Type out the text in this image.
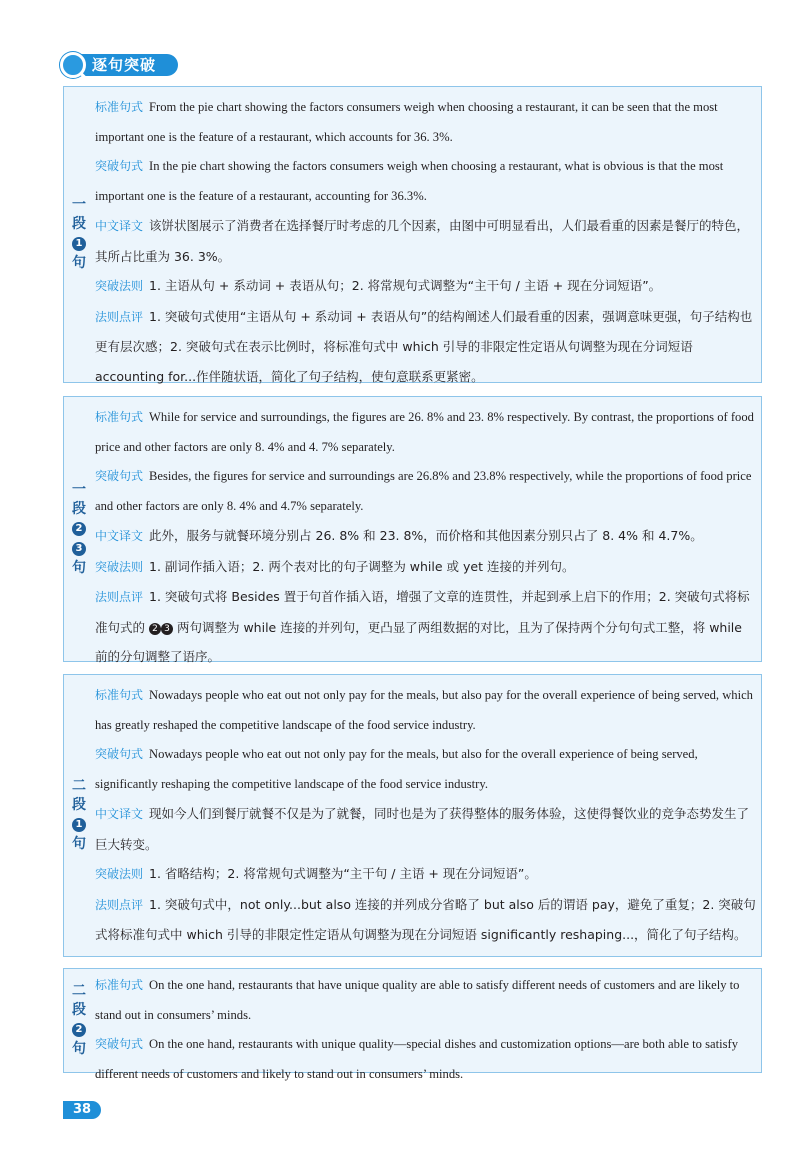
逐句突破
一
段
1
句

标准句式 From the pie chart showing the factors consumers weigh when choosing a restaurant, it can be seen that the most important one is the feature of a restaurant, which accounts for 36. 3%.

突破句式 In the pie chart showing the factors consumers weigh when choosing a restaurant, what is obvious is that the most important one is the feature of a restaurant, accounting for 36.3%.

中文译文 该饼状图展示了消费者在选择餐厅时考虑的几个因素，由图中可明显看出，人们最看重的因素是餐厅的特色，其所占比重为 36. 3%。

突破法则 1. 主语从句 + 系动词 + 表语从句；2. 将常规句式调整为“主干句 / 主语 + 现在分词短语”。

法则点评 1. 突破句式使用“主语从句 + 系动词 + 表语从句”的结构阐述人们最看重的因素，强调意味更强，句子结构也更有层次感；2. 突破句式在表示比例时，将标准句式中 which 引导的非限定性定语从句调整为现在分词短语 accounting for...作伴随状语，简化了句子结构，使句意联系更紧密。

一
段
2
3
句

标准句式 While for service and surroundings, the figures are 26. 8% and 23. 8% respectively. By contrast, the proportions of food price and other factors are only 8. 4% and 4. 7% separately.

突破句式 Besides, the figures for service and surroundings are 26.8% and 23.8% respectively, while the proportions of food price and other factors are only 8. 4% and 4.7% separately.

中文译文 此外，服务与就餐环境分别占 26. 8% 和 23. 8%，而价格和其他因素分别只占了 8. 4% 和 4.7%。

突破法则 1. 副词作插入语；2. 两个表对比的句子调整为 while 或 yet 连接的并列句。

法则点评 1. 突破句式将 Besides 置于句首作插入语，增强了文章的连贯性，并起到承上启下的作用；2. 突破句式将标准句式的 2 3 两句调整为 while 连接的并列句，更凸显了两组数据的对比，且为了保持两个分句句式工整，将 while 前的分句调整了语序。

二
段
1
句

标准句式 Nowadays people who eat out not only pay for the meals, but also pay for the overall experience of being served, which has greatly reshaped the competitive landscape of the food service industry.

突破句式 Nowadays people who eat out not only pay for the meals, but also for the overall experience of being served, significantly reshaping the competitive landscape of the food service industry.

中文译文 现如今人们到餐厅就餐不仅是为了就餐，同时也是为了获得整体的服务体验，这使得餐饮业的竞争态势发生了巨大转变。

突破法则 1. 省略结构；2. 将常规句式调整为“主干句 / 主语 + 现在分词短语”。

法则点评 1. 突破句式中，not only...but also 连接的并列成分省略了 but also 后的谓语 pay，避免了重复；2. 突破句式将标准句式中 which 引导的非限定性定语从句调整为现在分词短语 significantly reshaping...，简化了句子结构。

二
段
2
句

标准句式 On the one hand, restaurants that have unique quality are able to satisfy different needs of customers and are likely to stand out in consumers’ minds.

突破句式 On the one hand, restaurants with unique quality—special dishes and customization options—are both able to satisfy different needs of customers and likely to stand out in consumers’ minds.

38
